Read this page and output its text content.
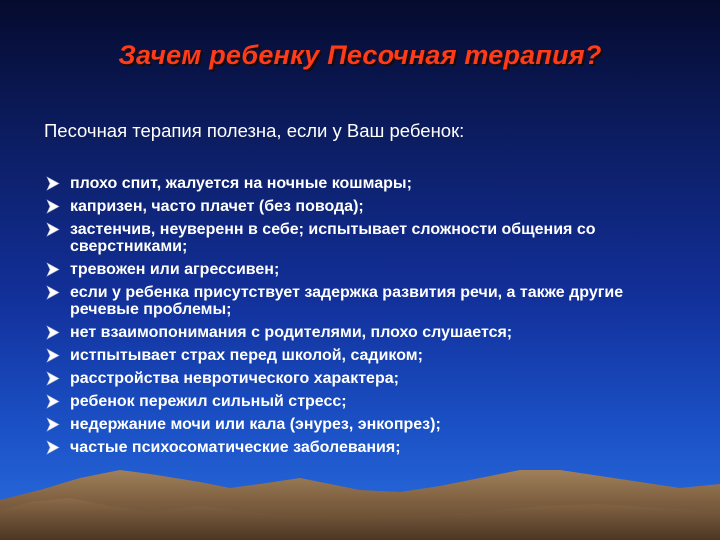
Зачем ребенку Песочная терапия?
Песочная терапия полезна, если у Ваш ребенок:
плохо спит, жалуется на ночные кошмары;
капризен, часто плачет (без повода);
застенчив, неуверенн в себе; испытывает сложности общения со сверстниками;
тревожен или агрессивен;
если у ребенка присутствует задержка развития речи, а также другие речевые проблемы;
нет взаимопонимания с родителями, плохо слушается;
истпытывает страх перед школой, садиком;
расстройства невротического характера;
ребенок пережил сильный стресс;
недержание мочи или кала (энурез, энкопрез);
частые психосоматические заболевания;
